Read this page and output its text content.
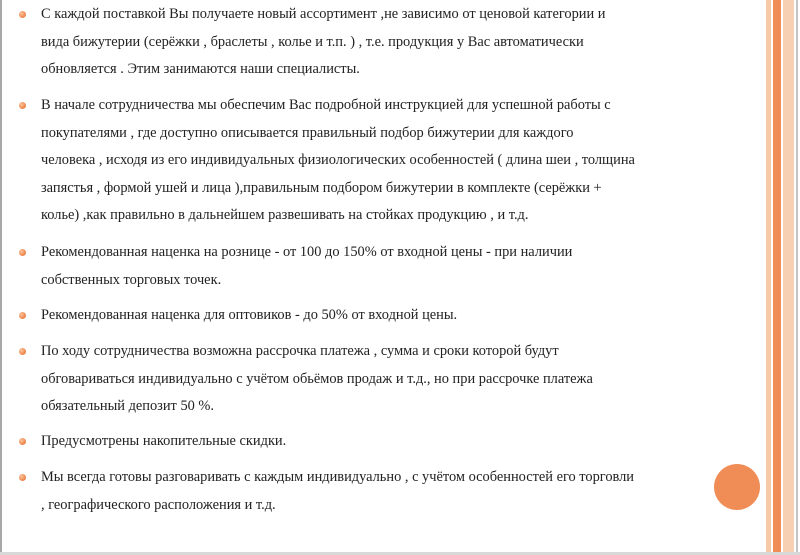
С каждой поставкой Вы получаете новый ассортимент ,не зависимо от ценовой категории и
вида бижутерии (серёжки , браслеты , колье и т.п. ) , т.е. продукция у Вас автоматически
обновляется . Этим занимаются наши специалисты.
В начале сотрудничества мы обеспечим Вас подробной инструкцией для успешной работы с
покупателями , где доступно описывается правильный подбор бижутерии для каждого
человека , исходя из его индивидуальных физиологических особенностей ( длина шеи , толщина
запястья , формой ушей и лица ),правильным подбором бижутерии в комплекте (серёжки +
колье) ,как правильно в дальнейшем развешивать на стойках продукцию , и т.д.
Рекомендованная наценка на рознице - от 100 до 150% от входной цены - при наличии
собственных торговых точек.
Рекомендованная наценка для оптовиков - до 50% от входной цены.
По ходу сотрудничества возможна рассрочка платежа , сумма и сроки которой будут
обговариваться индивидуально с учётом обьёмов продаж и т.д., но при рассрочке платежа
обязательный депозит 50 %.
Предусмотрены накопительные скидки.
Мы всегда готовы разговаривать с каждым индивидуально , с учётом особенностей его торговли
, географического расположения и т.д.
